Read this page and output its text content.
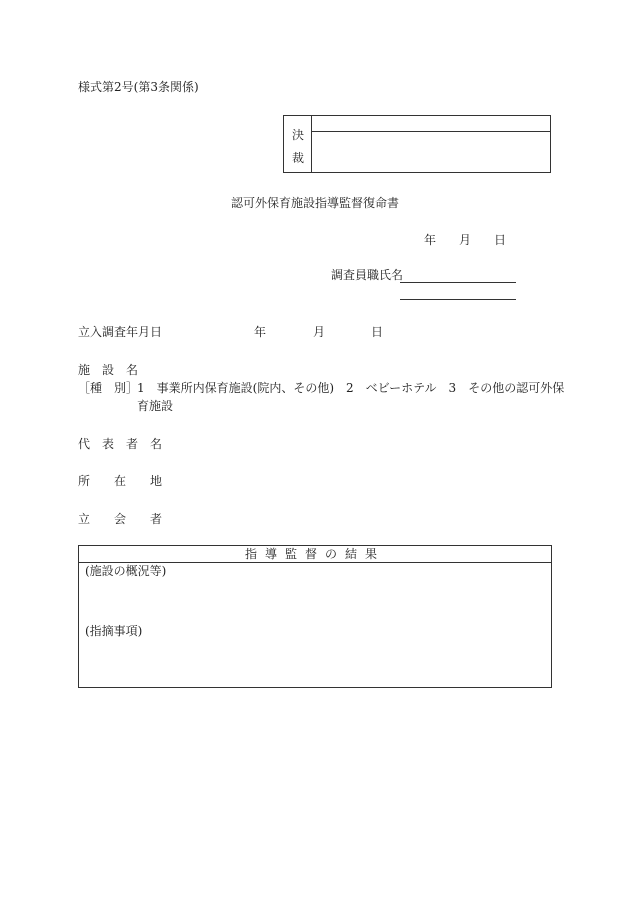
様式第2号(第3条関係)
決
裁
認可外保育施設指導監督復命書
年 月 日
調査員職氏名
立入調査年月日	年	月	日
施　設　名
［種　別］
1　事業所内保育施設(院内、その他)　2　ベビーホテル　3　その他の認可外保
育施設
代　表　者　名
所　　在　　地
立　　会　　者
指導監督の結果
(施設の概況等)
(指摘事項)
